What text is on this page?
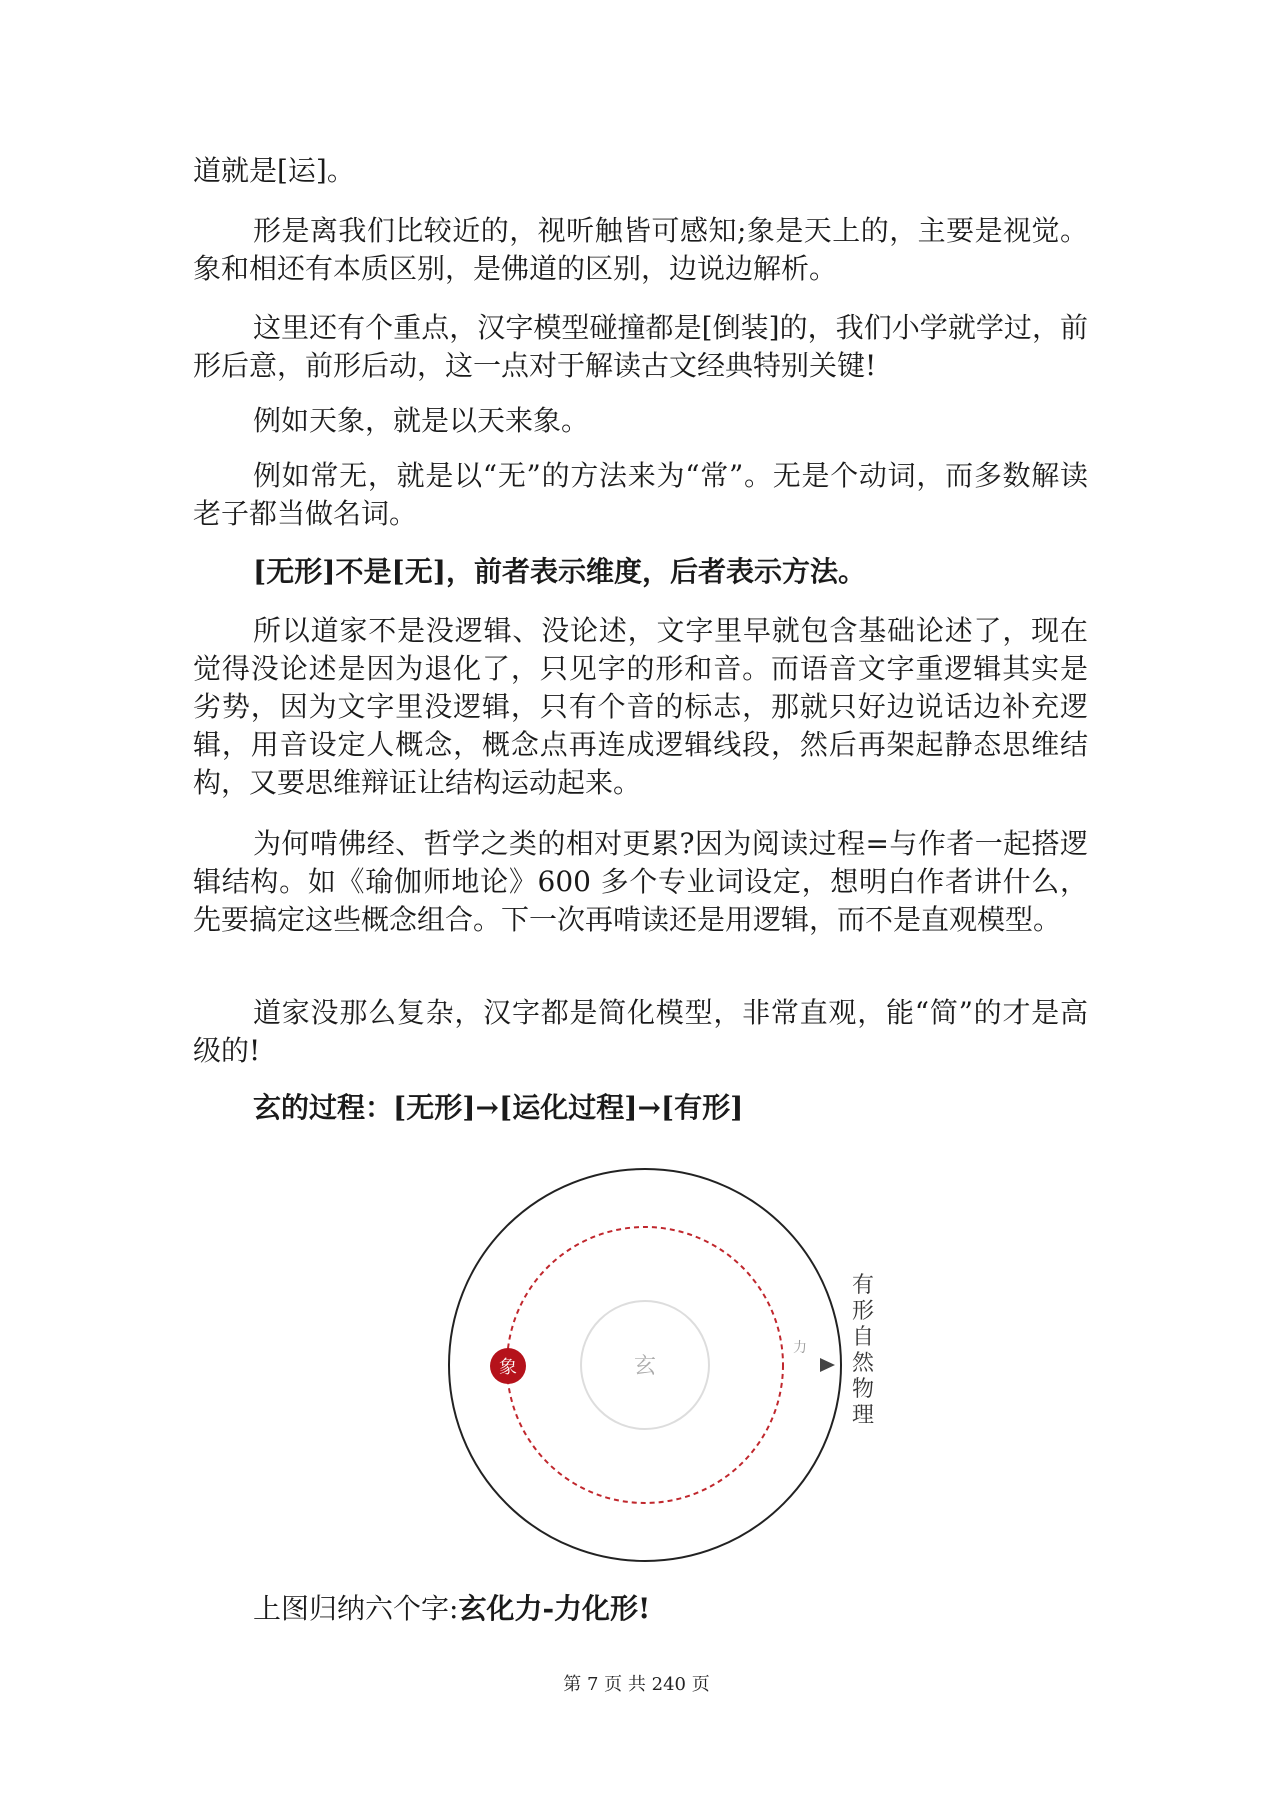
道就是[运]。

形是离我们比较近的，视听触皆可感知;象是天上的，主要是视觉。象和相还有本质区别，是佛道的区别，边说边解析。

这里还有个重点，汉字模型碰撞都是[倒装]的，我们小学就学过，前形后意，前形后动，这一点对于解读古文经典特别关键!

例如天象，就是以天来象。

例如常无，就是以“无”的方法来为“常”。无是个动词，而多数解读老子都当做名词。

[无形]不是[无]，前者表示维度，后者表示方法。

所以道家不是没逻辑、没论述，文字里早就包含基础论述了，现在觉得没论述是因为退化了，只见字的形和音。而语音文字重逻辑其实是劣势，因为文字里没逻辑，只有个音的标志，那就只好边说话边补充逻辑，用音设定人概念，概念点再连成逻辑线段，然后再架起静态思维结构，又要思维辩证让结构运动起来。

为何啃佛经、哲学之类的相对更累?因为阅读过程=与作者一起搭逻辑结构。如《瑜伽师地论》600 多个专业词设定，想明白作者讲什么，先要搞定这些概念组合。下一次再啃读还是用逻辑，而不是直观模型。

道家没那么复杂，汉字都是简化模型，非常直观，能“简”的才是高级的!

玄的过程：[无形]→[运化过程]→[有形]

玄
象
力
有
形
自
然
物
理
上图归纳六个字:玄化力-力化形!
第 7 页 共 240 页
